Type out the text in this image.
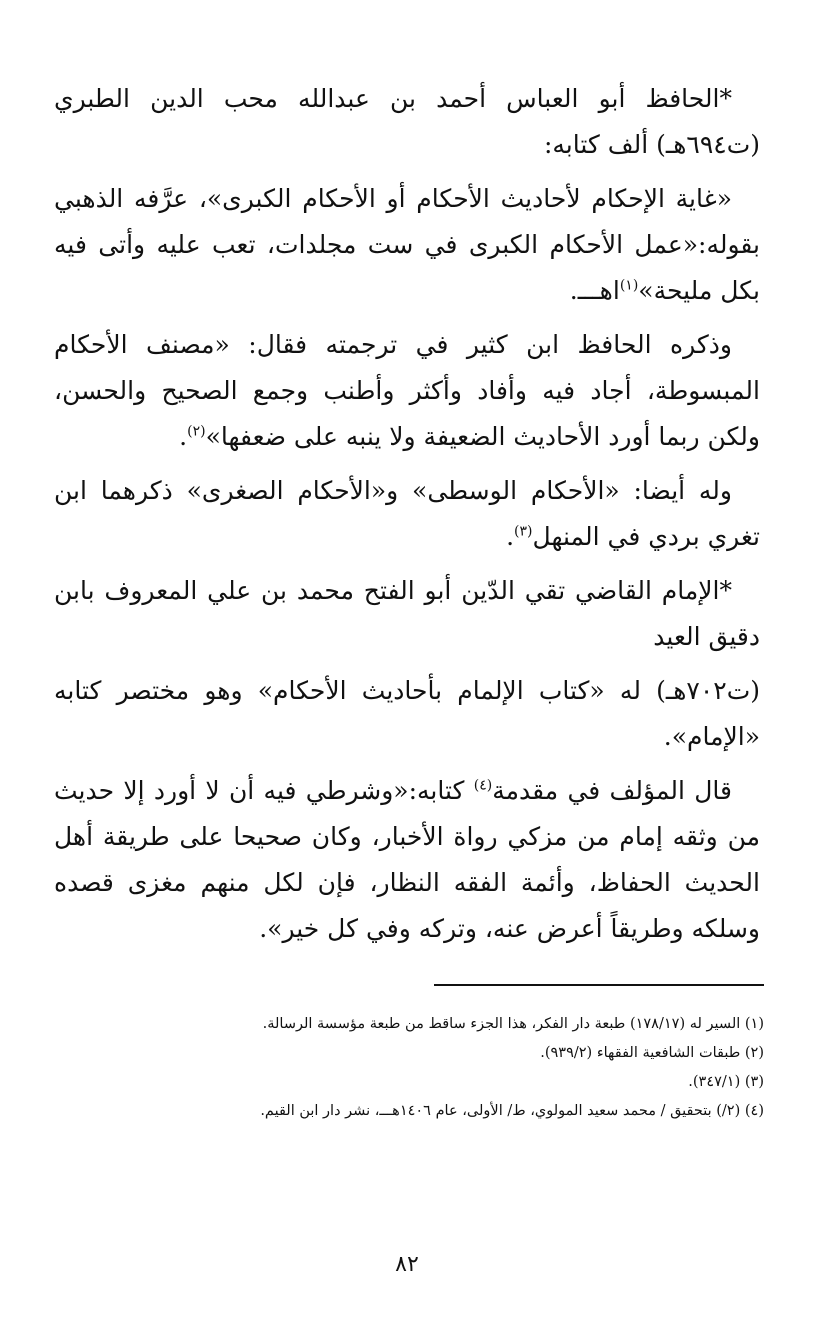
*الحافظ أبو العباس أحمد بن عبدالله محب الدين الطبري (ت٦٩٤هـ) ألف كتابه:

«غاية الإحكام لأحاديث الأحكام أو الأحكام الكبرى»، عرَّفه الذهبي بقوله:«عمل الأحكام الكبرى في ست مجلدات، تعب عليه وأتى فيه بكل مليحة»$^{(١)}$اهـــ.

وذكره الحافظ ابن كثير في ترجمته فقال: «مصنف الأحكام المبسوطة، أجاد فيه وأفاد وأكثر وأطنب وجمع الصحيح والحسن، ولكن ربما أورد الأحاديث الضعيفة ولا ينبه على ضعفها»$^{(٢)}$.

وله أيضا: «الأحكام الوسطى» و«الأحكام الصغرى» ذكرهما ابن تغري بردي في المنهل$^{(٣)}$.

*الإمام القاضي تقي الدّين أبو الفتح محمد بن علي المعروف بابن دقيق العيد

(ت٧٠٢هـ) له «كتاب الإلمام بأحاديث الأحكام» وهو مختصر كتابه «الإمام».

قال المؤلف في مقدمة$^{(٤)}$ كتابه:«وشرطي فيه أن لا أورد إلا حديث من وثقه إمام من مزكي رواة الأخبار، وكان صحيحا على طريقة أهل الحديث الحفاظ، وأئمة الفقه النظار، فإن لكل منهم مغزى قصده وسلكه وطريقاً أعرض عنه، وتركه وفي كل خير».

(١) السير له (١٧٨/١٧) طبعة دار الفكر، هذا الجزء ساقط من طبعة مؤسسة الرسالة.
(٢) طبقات الشافعية الفقهاء (٩٣٩/٢).
(٣) (٣٤٧/١).
(٤) (٢/) بتحقيق / محمد سعيد المولوي، ط/ الأولى، عام ١٤٠٦هـــ، نشر دار ابن القيم.
٨٢
